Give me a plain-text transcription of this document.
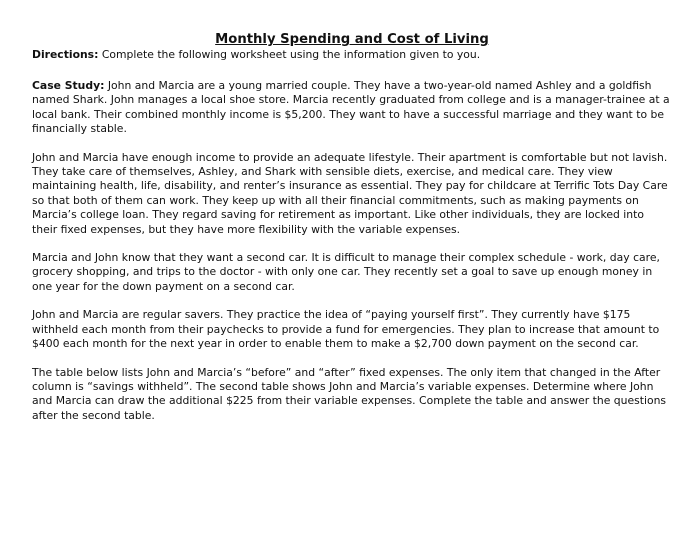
Monthly Spending and Cost of Living
Directions: Complete the following worksheet using the information given to you.

Case Study: John and Marcia are a young married couple. They have a two-year-old named Ashley and a goldfish named Shark. John manages a local shoe store. Marcia recently graduated from college and is a manager-trainee at a local bank. Their combined monthly income is $5,200. They want to have a successful marriage and they want to be financially stable.

John and Marcia have enough income to provide an adequate lifestyle. Their apartment is comfortable but not lavish. They take care of themselves, Ashley, and Shark with sensible diets, exercise, and medical care. They view maintaining health, life, disability, and renter’s insurance as essential. They pay for childcare at Terrific Tots Day Care so that both of them can work. They keep up with all their financial commitments, such as making payments on Marcia’s college loan. They regard saving for retirement as important. Like other individuals, they are locked into their fixed expenses, but they have more flexibility with the variable expenses.

Marcia and John know that they want a second car. It is difficult to manage their complex schedule - work, day care, grocery shopping, and trips to the doctor - with only one car. They recently set a goal to save up enough money in one year for the down payment on a second car.

John and Marcia are regular savers. They practice the idea of “paying yourself first”. They currently have $175 withheld each month from their paychecks to provide a fund for emergencies. They plan to increase that amount to $400 each month for the next year in order to enable them to make a $2,700 down payment on the second car.

The table below lists John and Marcia’s “before” and “after” fixed expenses. The only item that changed in the After column is “savings withheld”. The second table shows John and Marcia’s variable expenses. Determine where John and Marcia can draw the additional $225 from their variable expenses. Complete the table and answer the questions after the second table.
